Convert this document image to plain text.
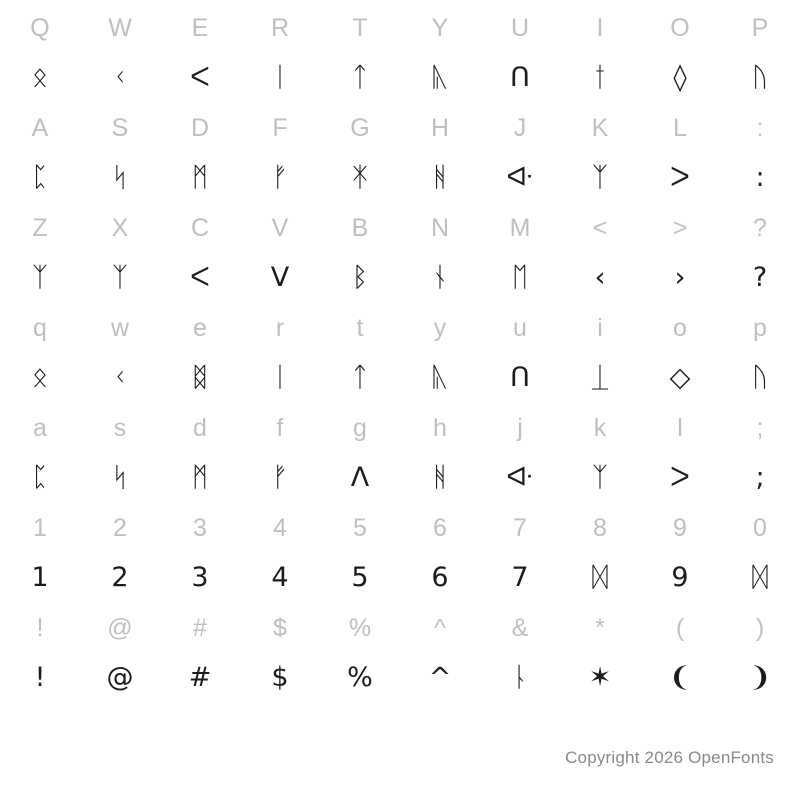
Q	W	E	R	T	Y	U	I	O	P
ᛟ	ᚲ	ᐸ	ᛁ	ᛏ	ᚣ	ᑎ	ᛁ̄	◊	ᚢ
A	S	D	F	G	H	J	K	L	:
ᛈ	ᛋ	ᛗ	ᚠ	ᛡ	ᚻ	ᐘ	ᛉ	ᐳ	:
Z	X	C	V	B	N	M	<	>	?
ᛉ	ᛉ	ᐸ	ᐯ	ᛒ	ᚾ	ᛖ	‹	›	?
q	w	e	r	t	y	u	i	o	p
ᛟ	ᚲ	ᛥ	ᛁ	ᛏ	ᚣ	ᑎ	ᛁ̲	◇	ᚢ
a	s	d	f	g	h	j	k	l	;
ᛈ	ᛋ	ᛗ	ᚠ	ᐱ	ᚻ	ᐘ	ᛉ	ᐳ	;
1	2	3	4	5	6	7	8	9	0
1	2	3	4	5	6	7	ᛞ	9	ᛞ
!	@	#	$	%	^	&	*	(	)
!	@	#	$	%	^	ᚿ	✶	❨	❩
Copyright 2026 OpenFonts
